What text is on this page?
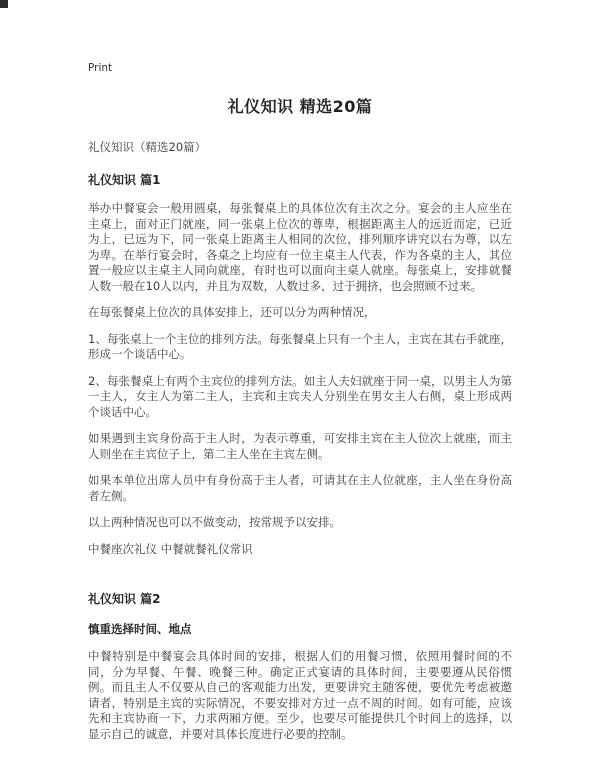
Print
礼仪知识 精选20篇
礼仪知识（精选20篇）
礼仪知识 篇1

举办中餐宴会一般用圆桌，每张餐桌上的具体位次有主次之分。宴会的主人应坐在主桌上，面对正门就座，同一张桌上位次的尊卑，根据距离主人的远近而定，已近为上，已远为下，同一张桌上距离主人相同的次位，排列顺序讲究以右为尊，以左为卑。在举行宴会时，各桌之上均应有一位主桌主人代表，作为各桌的主人，其位置一般应以主桌主人同向就座，有时也可以面向主桌人就座。每张桌上，安排就餐人数一般在10人以内，并且为双数，人数过多，过于拥挤，也会照顾不过来。

在每张餐桌上位次的具体安排上，还可以分为两种情况，

1、每张桌上一个主位的排列方法。每张餐桌上只有一个主人，主宾在其右手就座，形成一个谈话中心。

2、每张餐桌上有两个主宾位的排列方法。如主人夫妇就座于同一桌，以男主人为第一主人，女主人为第二主人，主宾和主宾夫人分别坐在男女主人右侧，桌上形成两个谈话中心。

如果遇到主宾身份高于主人时，为表示尊重，可安排主宾在主人位次上就座，而主人则坐在主宾位子上，第二主人坐在主宾左侧。

如果本单位出席人员中有身份高于主人者，可请其在主人位就座，主人坐在身份高者左侧。

以上两种情况也可以不做变动，按常规予以安排。

中餐座次礼仪 中餐就餐礼仪常识

礼仪知识 篇2
慎重选择时间、地点

中餐特别是中餐宴会具体时间的安排，根据人们的用餐习惯，依照用餐时间的不同，分为早餐、午餐、晚餐三种。确定正式宴请的具体时间，主要要遵从民俗惯例。而且主人不仅要从自己的客观能力出发，更要讲究主随客便，要优先考虑被邀请者，特别是主宾的实际情况，不要安排对方过一点不周的时间。如有可能，应该先和主宾协商一下，力求两厢方便。至少，也要尽可能提供几个时间上的选择，以显示自己的诚意，并要对具体长度进行必要的控制。
